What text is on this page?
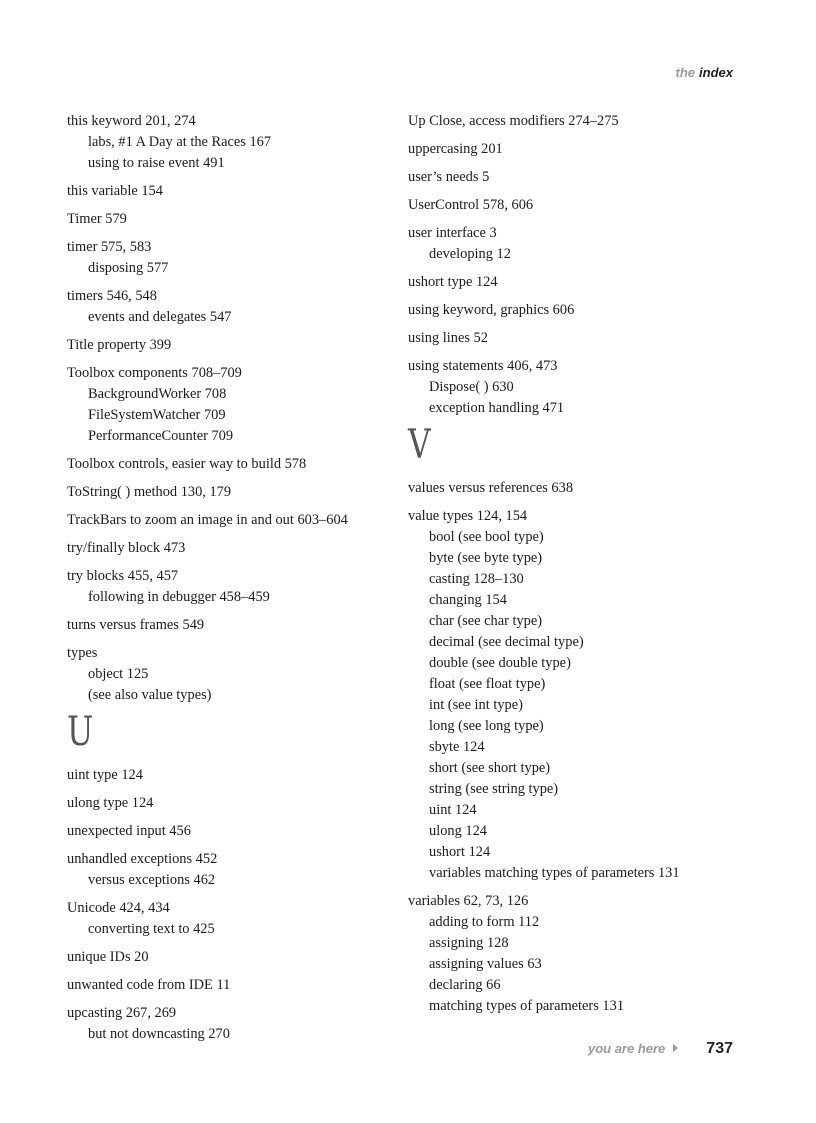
the index
this keyword 201, 274
labs, #1 A Day at the Races 167
using to raise event 491
this variable 154
Timer 579
timer 575, 583
disposing 577
timers 546, 548
events and delegates 547
Title property 399
Toolbox components 708–709
BackgroundWorker 708
FileSystemWatcher 709
PerformanceCounter 709
Toolbox controls, easier way to build 578
ToString( ) method 130, 179
TrackBars to zoom an image in and out 603–604
try/finally block 473
try blocks 455, 457
following in debugger 458–459
turns versus frames 549
types
object 125
(see also value types)
U
uint type 124
ulong type 124
unexpected input 456
unhandled exceptions 452
versus exceptions 462
Unicode 424, 434
converting text to 425
unique IDs 20
unwanted code from IDE 11
upcasting 267, 269
but not downcasting 270
Up Close, access modifiers 274–275
uppercasing 201
user’s needs 5
UserControl 578, 606
user interface 3
developing 12
ushort type 124
using keyword, graphics 606
using lines 52
using statements 406, 473
Dispose( ) 630
exception handling 471
V
values versus references 638
value types 124, 154
bool (see bool type)
byte (see byte type)
casting 128–130
changing 154
char (see char type)
decimal (see decimal type)
double (see double type)
float (see float type)
int (see int type)
long (see long type)
sbyte 124
short (see short type)
string (see string type)
uint 124
ulong 124
ushort 124
variables matching types of parameters 131
variables 62, 73, 126
adding to form 112
assigning 128
assigning values 63
declaring 66
matching types of parameters 131
you are here	737
